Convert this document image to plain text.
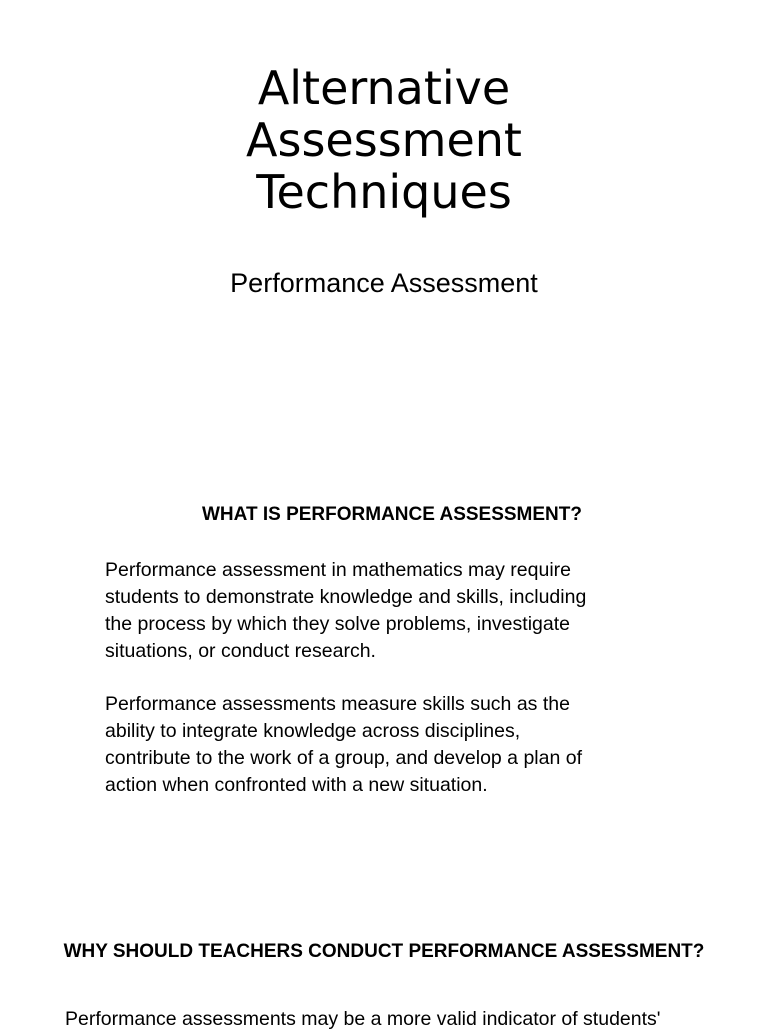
Alternative
Assessment
Techniques
Performance Assessment
WHAT IS PERFORMANCE ASSESSMENT?

Performance assessment in mathematics may require
students to demonstrate knowledge and skills, including
the process by which they solve problems, investigate
situations, or conduct research.

Performance assessments measure skills such as the
ability to integrate knowledge across disciplines,
contribute to the work of a group, and develop a plan of
action when confronted with a new situation.

WHY SHOULD TEACHERS CONDUCT PERFORMANCE ASSESSMENT?

Performance assessments may be a more valid indicator of students'
